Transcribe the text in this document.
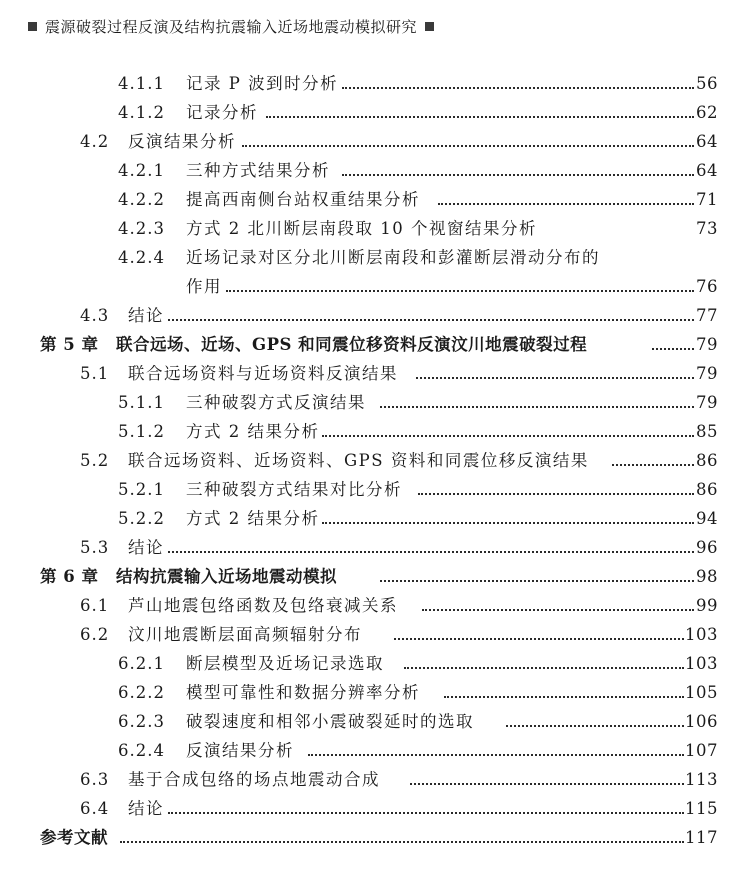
震源破裂过程反演及结构抗震输入近场地震动模拟研究
4.1.1 记录 P 波到时分析	56
4.1.2 记录分析	62
4.2 反演结果分析	64
4.2.1 三种方式结果分析	64
4.2.2 提高西南侧台站权重结果分析	71
4.2.3 方式 2 北川断层南段取 10 个视窗结果分析	73
4.2.4 近场记录对区分北川断层南段和彭灌断层滑动分布的
作用	76
4.3 结论	77
第 5 章 联合远场、近场、GPS 和同震位移资料反演汶川地震破裂过程	79
5.1 联合远场资料与近场资料反演结果	79
5.1.1 三种破裂方式反演结果	79
5.1.2 方式 2 结果分析	85
5.2 联合远场资料、近场资料、GPS 资料和同震位移反演结果	86
5.2.1 三种破裂方式结果对比分析	86
5.2.2 方式 2 结果分析	94
5.3 结论	96
第 6 章 结构抗震输入近场地震动模拟	98
6.1 芦山地震包络函数及包络衰减关系	99
6.2 汶川地震断层面高频辐射分布	103
6.2.1 断层模型及近场记录选取	103
6.2.2 模型可靠性和数据分辨率分析	105
6.2.3 破裂速度和相邻小震破裂延时的选取	106
6.2.4 反演结果分析	107
6.3 基于合成包络的场点地震动合成	113
6.4 结论	115
参考文献	117
